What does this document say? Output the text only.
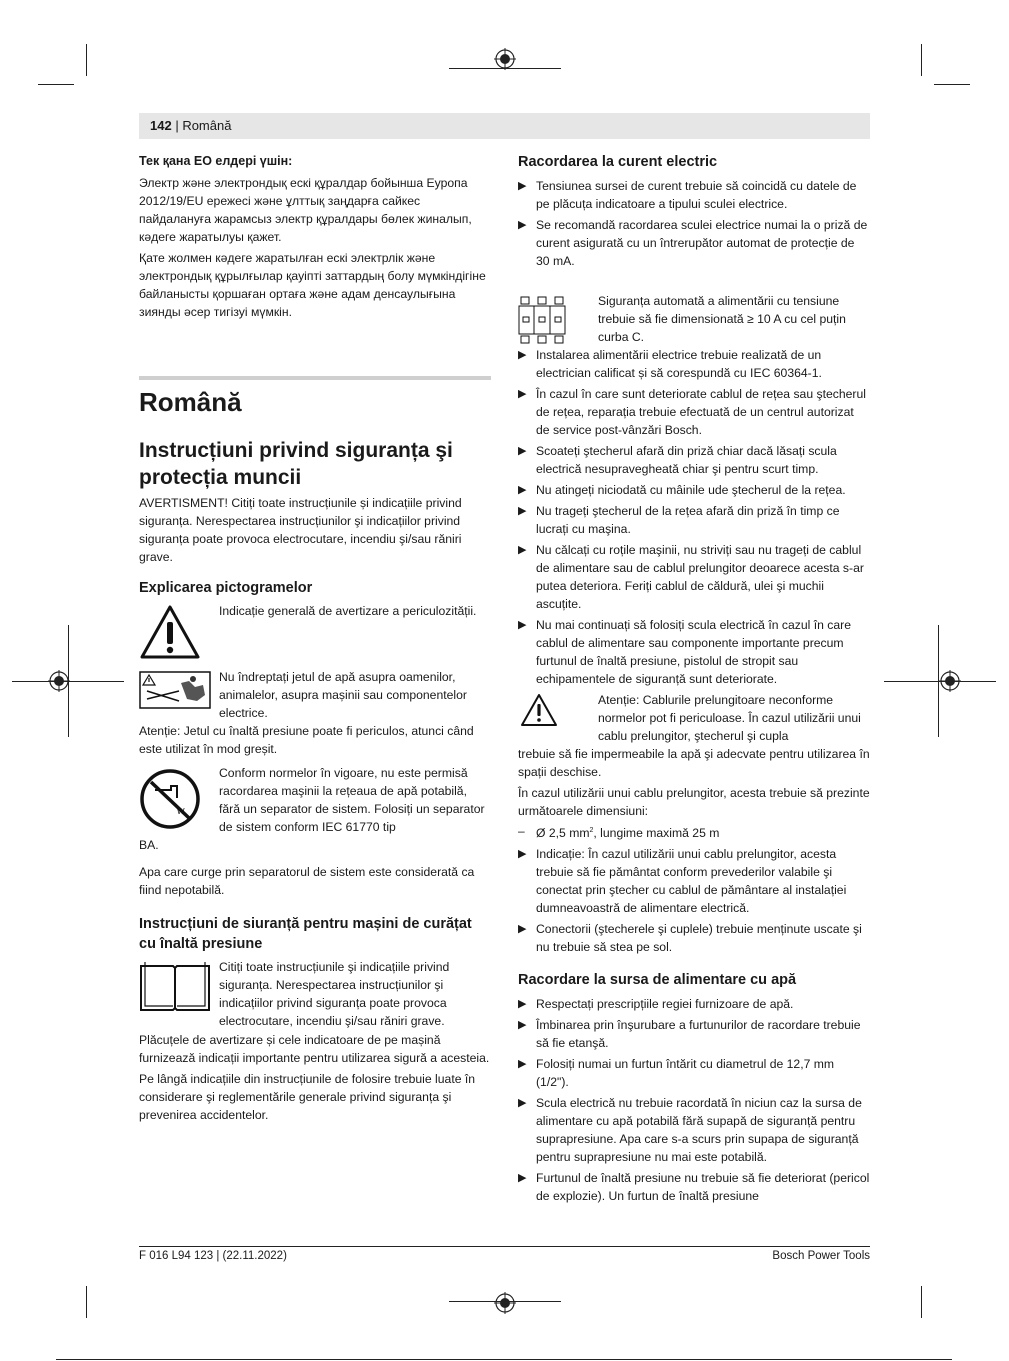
142 | Română
Тек қана ЕО елдері үшін:

Электр және электрондық ескі құралдар бойынша Еуропа 2012/19/EU ережесі және ұлттық заңдарға сайкес пайдалануға жарамсыз электр құралдары бөлек жиналып, кәдеге жаратылуы қажет.

Қате жолмен кәдеге жаратылған ескі электрлік және электрондық құрылғылар қауіпті заттардың болу мүмкіндігіне байланысты қоршаған ортаға және адам денсаулығына зиянды әсер тигізуі мүмкін.

Română
Instrucțiuni privind siguranța şi protecția muncii

AVERTISMENT! Citiți toate instrucțiunile și indicațiile privind siguranța. Nerespectarea instrucțiunilor şi indicațiilor privind siguranța poate provoca electrocutare, incendiu şi/sau răniri grave.

Explicarea pictogramelor
Indicație generală de avertizare a periculozității.
Nu îndreptați jetul de apă asupra oamenilor, animalelor, asupra mașinii sau componentelor electrice.

Atenție: Jetul cu înaltă presiune poate fi periculos, atunci când este utilizat în mod greșit.

W
Conform normelor în vigoare, nu este permisă racordarea maşinii la rețeaua de apă potabilă, fără un separator de sistem. Folosiți un separator de sistem conform IEC 61770 tip

BA.

Apa care curge prin separatorul de sistem este considerată ca fiind nepotabilă.

Instrucțiuni de siuranță pentru mașini de curățat cu înaltă presiune
Citiți toate instrucțiunile şi indicațiile privind siguranța. Nerespectarea instrucțiunilor şi indicațiilor privind siguranța poate provoca electrocutare, incendiu şi/sau răniri grave.

Plăcuțele de avertizare și cele indicatoare de pe mașină furnizează indicații importante pentru utilizarea sigură a acesteia.

Pe lângă indicațiile din instrucțiunile de folosire trebuie luate în considerare şi reglementările generale privind siguranța şi prevenirea accidentelor.

Racordarea la curent electric
▶ Tensiunea sursei de curent trebuie să coincidă cu datele de pe plăcuța indicatoare a tipului sculei electrice.
▶ Se recomandă racordarea sculei electrice numai la o priză de curent asigurată cu un întrerupător automat de protecție de 30 mA.
Siguranța automată a alimentării cu tensiune trebuie să fie dimensionată ≥ 10 A cu cel puțin curba C.
▶ Instalarea alimentării electrice trebuie realizată de un electrician calificat și să corespundă cu IEC 60364-1.
▶ În cazul în care sunt deteriorate cablul de rețea sau ştecherul de rețea, reparația trebuie efectuată de un centrul autorizat de service post-vânzări Bosch.
▶ Scoateți ştecherul afară din priză chiar dacă lăsați scula electrică nesupravegheată chiar şi pentru scurt timp.
▶ Nu atingeți niciodată cu mâinile ude ştecherul de la rețea.
▶ Nu trageți ştecherul de la rețea afară din priză în timp ce lucrați cu maşina.
▶ Nu călcați cu roțile maşinii, nu striviți sau nu trageți de cablul de alimentare sau de cablul prelungitor deoarece acesta s-ar putea deteriora. Feriți cablul de căldură, ulei şi muchii ascuțite.
▶ Nu mai continuați să folosiți scula electrică în cazul în care cablul de alimentare sau componente importante precum furtunul de înaltă presiune, pistolul de stropit sau echipamentele de siguranță sunt deteriorate.
Atenție: Cablurile prelungitoare neconforme normelor pot fi periculoase. În cazul utilizării unui cablu prelungitor, ştecherul şi cupla

trebuie să fie impermeabile la apă şi adecvate pentru utilizarea în spații deschise.

În cazul utilizării unui cablu prelungitor, acesta trebuie să prezinte următoarele dimensiuni:

– Ø 2,5 $mm^2$, lungime maximă 25 m
▶ Indicație: În cazul utilizării unui cablu prelungitor, acesta trebuie să fie pământat conform prevederilor valabile şi conectat prin ştecher cu cablul de pământare al instalației dumneavoastră de alimentare electrică.
▶ Conectorii (ştecherele şi cuplele) trebuie menținute uscate şi nu trebuie să stea pe sol.
Racordare la sursa de alimentare cu apă
▶ Respectați prescripțiile regiei furnizoare de apă.
▶ Îmbinarea prin înşurubare a furtunurilor de racordare trebuie să fie etanşă.
▶ Folosiți numai un furtun întărit cu diametrul de 12,7 mm (1/2").
▶ Scula electrică nu trebuie racordată în niciun caz la sursa de alimentare cu apă potabilă fără supapă de siguranță pentru suprapresiune. Apa care s-a scurs prin supapa de siguranță pentru suprapresiune nu mai este potabilă.
▶ Furtunul de înaltă presiune nu trebuie să fie deteriorat (pericol de explozie). Un furtun de înaltă presiune
F 016 L94 123 | (22.11.2022)	Bosch Power Tools
